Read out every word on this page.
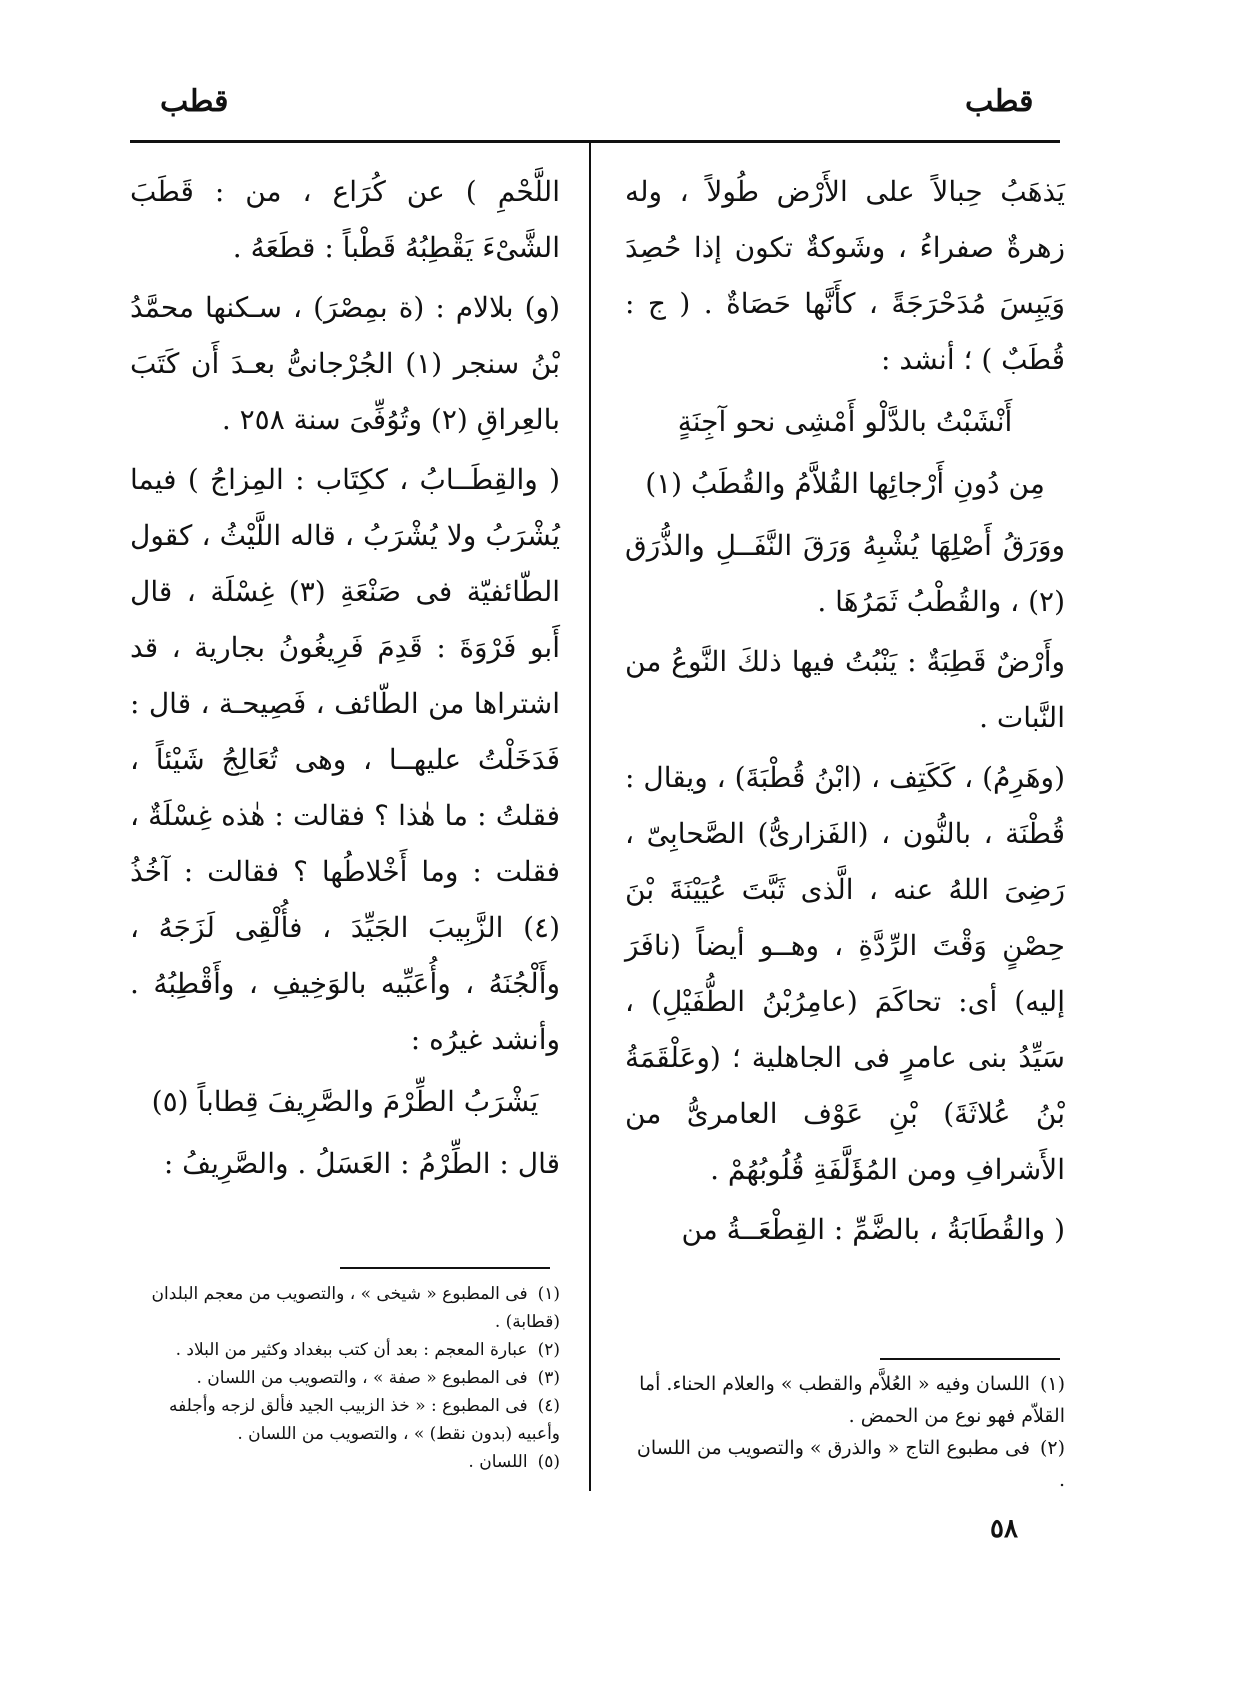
قطب	قطب

يَذهَبُ حِبالاً على الأَرْض طُولاً ، وله زهرةٌ صفراءُ ، وشَوكةٌ تكون إذا حُصِدَ وَيَبِسَ مُدَحْرَجَةً ، كأَنَّها حَصَاةٌ . ( ج : قُطَبٌ ) ؛ أنشد :

أَنْشَبْتُ بالدَّلْو أَمْشِى نحو آجِنَةٍ

مِن دُونِ أَرْجائِها القُلاَّمُ والقُطَبُ (١)

ووَرَقُ أَصْلِهَا يُشْبِهُ وَرَقَ النَّفَــلِ والذُّرَق (٢) ، والقُطْبُ ثَمَرُهَا .

وأَرْضٌ قَطِبَةٌ : يَنْبُتُ فيها ذلكَ النَّوعُ من النَّبات .

(وهَرِمُ) ، كَكَتِف ، (ابْنُ قُطْبَةَ) ، ويقال : قُطْنَة ، بالنُّون ، (الفَزارىُّ) الصَّحابِىّ ، رَضِىَ اللهُ عنه ، الَّذى ثَبَّتَ عُيَيْنَةَ بْنَ حِصْنٍ وَقْتَ الرِّدَّةِ ، وهــو أيضاً (نافَرَ إليه) أى: تحاكَمَ (عامِرُبْنُ الطُّفَيْلِ) ، سَيِّدُ بنى عامرٍ فى الجاهلية ؛ (وعَلْقَمَةُ بْنُ عُلاثَةَ) بْنِ عَوْف العامرىُّ من الأَشرافِ ومن المُؤَلَّفَةِ قُلُوبُهُمْ .

( والقُطَابَةُ ، بالضَّمِّ : القِطْعَــةُ من

اللَّحْمِ ) عن كُرَاع ، من : قَطَبَ الشَّىْءَ يَقْطِبُهُ قَطْباً : قطَعَهُ .

(و) بلالام : (ة بمِصْرَ) ، سـكنها محمَّدُ بْنُ سنجر (١) الجُرْجانىُّ بعـدَ أَن كَتَبَ بالعِراقِ (٢) وتُوُفِّىَ سنة ٢٥٨ .

( والقِطَــابُ ، ككِتَاب : المِزاجُ ) فيما يُشْرَبُ ولا يُشْرَبُ ، قاله اللَّيْثُ ، كقول الطّائفيّة فى صَنْعَةِ (٣) غِسْلَة ، قال أَبو فَرْوَةَ : قَدِمَ فَرِيغُونُ بجارية ، قد اشتراها من الطّائف ، فَصِيحـة ، قال : فَدَخَلْتُ عليهــا ، وهى تُعَالِجُ شَيْئاً ، فقلتُ : ما هٰذا ؟ فقالت : هٰذه غِسْلَةٌ ، فقلت : وما أَخْلاطُها ؟ فقالت : آخُذُ (٤) الزَّبِيبَ الجَيِّدَ ، فأُلْقِى لَزَجَهُ ، وأَلْجُنَهُ ، وأُعَبِّيه بالوَخِيفِ ، وأَقْطِبُهُ . وأنشد غيرُه :

يَشْرَبُ الطِّرْمَ والصَّرِيفَ قِطاباً (٥)

قال : الطِّرْمُ : العَسَلُ . والصَّرِيفُ :

(١)اللسان وفيه « العُلاَّم والقطب » والعلام الحناء. أما القلاّم فهو نوع من الحمض .

(٢)فى مطبوع التاج « والذرق » والتصويب من اللسان .

(١)فى المطبوع « شيخى » ، والتصويب من معجم البلدان (قطابة) .

(٢)عبارة المعجم : بعد أن كتب ببغداد وكثير من البلاد .

(٣)فى المطبوع « صفة » ، والتصويب من اللسان .

(٤)فى المطبوع : « خذ الزبيب الجيد فألق لزجه وأجلفه وأعبيه (بدون نقط) » ، والتصويب من اللسان .

(٥)اللسان .

٥٨
